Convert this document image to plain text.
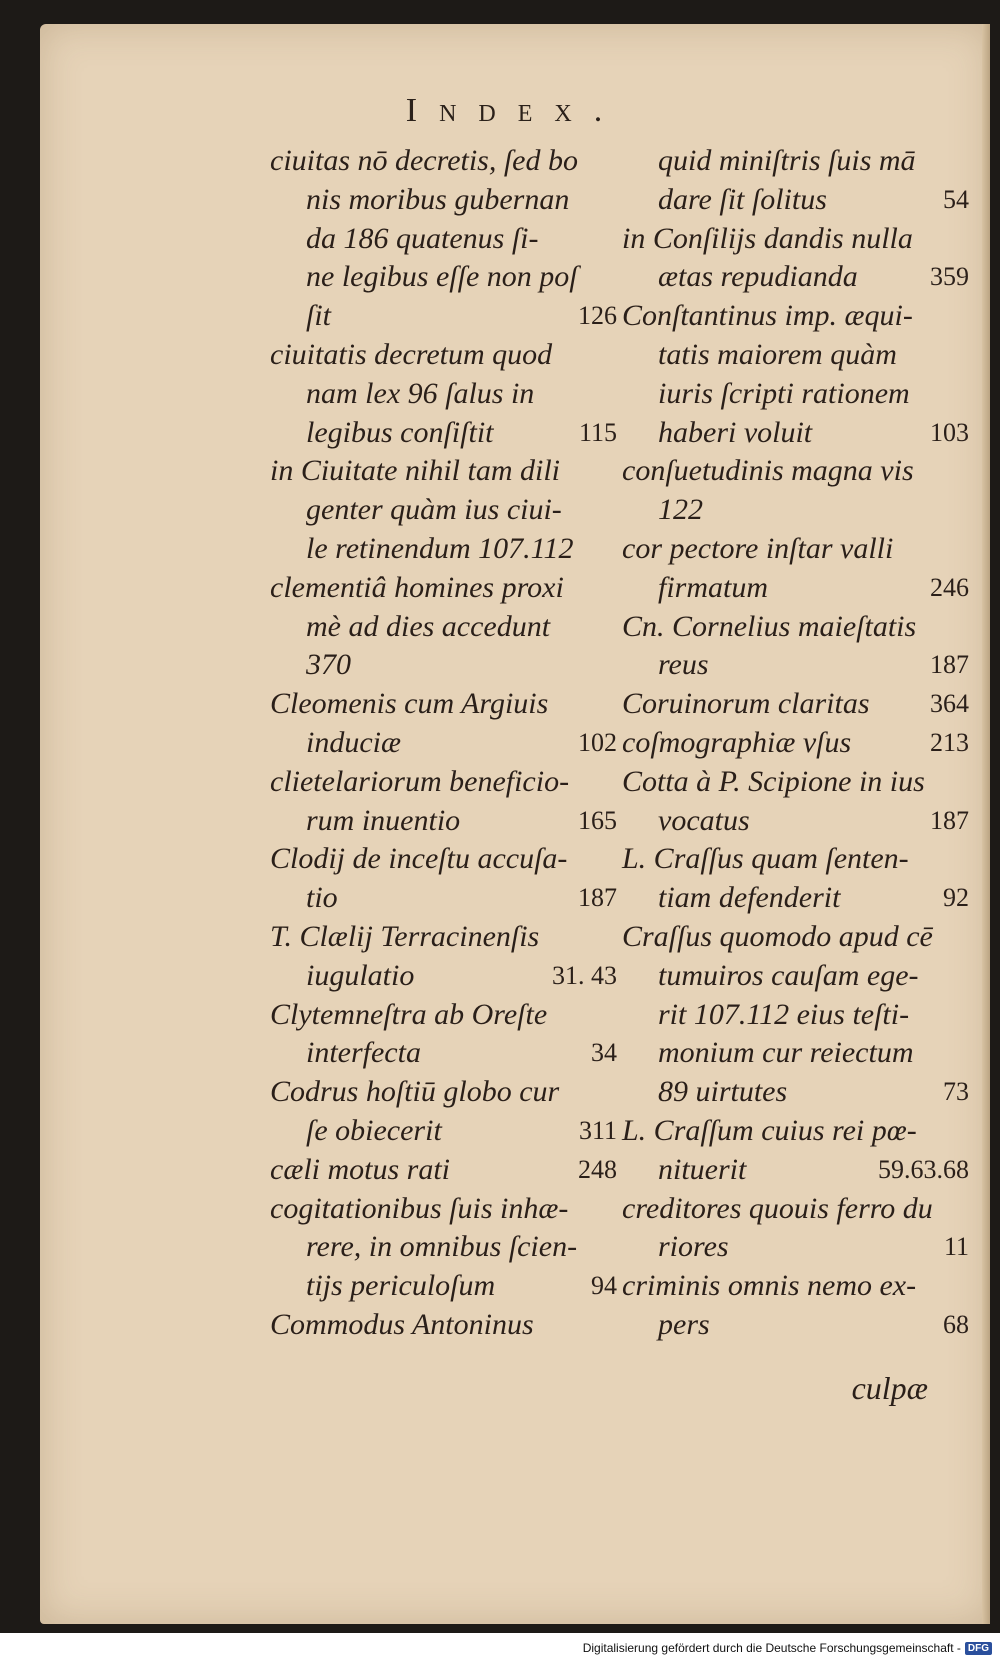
Index.
ciuitas nō decretis, ſed bo
nis moribus gubernan
da 186 quatenus ſi-
ne legibus eſſe non poſ
ſit	126
ciuitatis decretum quod
nam lex 96 ſalus in
legibus conſiſtit	115
in Ciuitate nihil tam dili
genter quàm ius ciui-
le retinendum 107.112
clementiâ homines proxi
mè ad dies accedunt
370
Cleomenis cum Argiuis
induciæ	102
clietelariorum beneficio-
rum inuentio	165
Clodij de inceſtu accuſa-
tio	187
T. Clælij Terracinenſis
iugulatio	31. 43
Clytemneſtra ab Oreſte
interfecta	34
Codrus hoſtiū globo cur
ſe obiecerit	311
cæli motus rati	248
cogitationibus ſuis inhæ-
rere, in omnibus ſcien-
tijs periculoſum	94
Commodus Antoninus
quid miniſtris ſuis mā
dare ſit ſolitus	54
in Conſilijs dandis nulla
ætas repudianda	359
Conſtantinus imp. æqui-
tatis maiorem quàm
iuris ſcripti rationem
haberi voluit	103
conſuetudinis magna vis
122
cor pectore inſtar valli
firmatum	246
Cn. Cornelius maieſtatis
reus	187
Coruinorum claritas 364
coſmographiæ vſus	213
Cotta à P. Scipione in ius
vocatus	187
L. Craſſus quam ſenten-
tiam defenderit	92
Craſſus quomodo apud cē
tumuiros cauſam ege-
rit 107.112 eius teſti-
monium cur reiectum
89 uirtutes	73
L. Craſſum cuius rei pœ-
nituerit	59.63.68
creditores quouis ferro du
riores	11
criminis omnis nemo ex-
pers	68
culpæ
Digitalisierung gefördert durch die Deutsche Forschungsgemeinschaft - DFG
